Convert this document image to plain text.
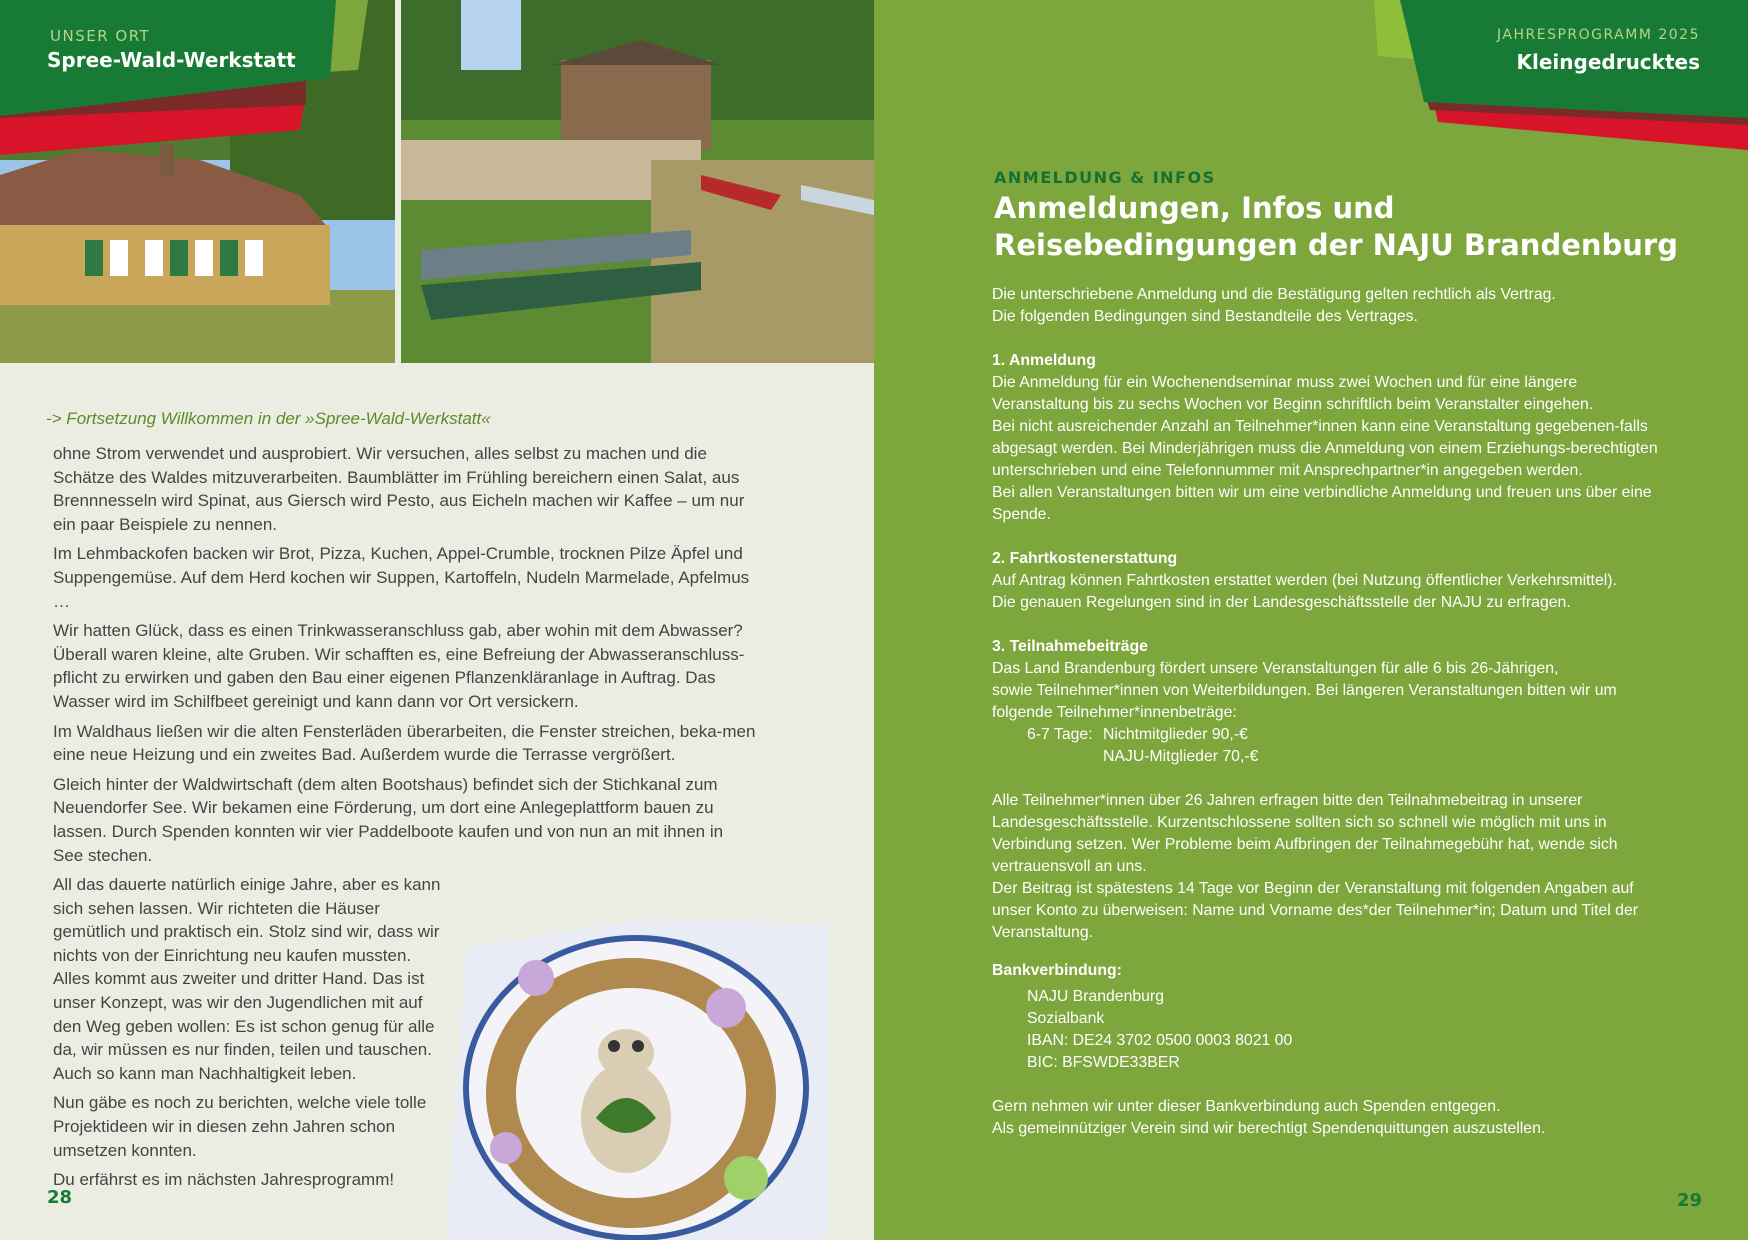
UNSER ORT
Spree-Wald-Werkstatt
-> Fortsetzung Willkommen in der »Spree-Wald-Werkstatt«

ohne Strom verwendet und ausprobiert. Wir versuchen, alles selbst zu machen und die Schätze des Waldes mitzuverarbeiten. Baumblätter im Frühling bereichern einen Salat, aus Brennnesseln wird Spinat, aus Giersch wird Pesto, aus Eicheln machen wir Kaffee – um nur ein paar Beispiele zu nennen.

Im Lehmbackofen backen wir Brot, Pizza, Kuchen, Appel-Crumble, trocknen Pilze Äpfel und Suppengemüse. Auf dem Herd kochen wir Suppen, Kartoffeln, Nudeln Marmelade, Apfelmus …

Wir hatten Glück, dass es einen Trinkwasseranschluss gab, aber wohin mit dem Abwasser? Überall waren kleine, alte Gruben. Wir schafften es, eine Befreiung der Abwasseranschluss-pflicht zu erwirken und gaben den Bau einer eigenen Pflanzenkläranlage in Auftrag. Das Wasser wird im Schilfbeet gereinigt und kann dann vor Ort versickern.

Im Waldhaus ließen wir die alten Fensterläden überarbeiten, die Fenster streichen, beka-men eine neue Heizung und ein zweites Bad. Außerdem wurde die Terrasse vergrößert.

Gleich hinter der Waldwirtschaft (dem alten Bootshaus) befindet sich der Stichkanal zum Neuendorfer See. Wir bekamen eine Förderung, um dort eine Anlegeplattform bauen zu lassen. Durch Spenden konnten wir vier Paddelboote kaufen und von nun an mit ihnen in See stechen.

All das dauerte natürlich einige Jahre, aber es kann sich sehen lassen. Wir richteten die Häuser gemütlich und praktisch ein. Stolz sind wir, dass wir nichts von der Einrichtung neu kaufen mussten. Alles kommt aus zweiter und dritter Hand. Das ist unser Konzept, was wir den Jugendlichen mit auf den Weg geben wollen: Es ist schon genug für alle da, wir müssen es nur finden, teilen und tauschen. Auch so kann man Nachhaltigkeit leben.

Nun gäbe es noch zu berichten, welche viele tolle Projektideen wir in diesen zehn Jahren schon umsetzen konnten.

Du erfährst es im nächsten Jahresprogramm!

28
JAHRESPROGRAMM 2025
Kleingedrucktes
ANMELDUNG & INFOS
Anmeldungen, Infos und Reisebedingungen der NAJU Brandenburg

Die unterschriebene Anmeldung und die Bestätigung gelten rechtlich als Vertrag.

Die folgenden Bedingungen sind Bestandteile des Vertrages.

1. Anmeldung

Die Anmeldung für ein Wochenendseminar muss zwei Wochen und für eine längere Veranstaltung bis zu sechs Wochen vor Beginn schriftlich beim Veranstalter eingehen.

Bei nicht ausreichender Anzahl an Teilnehmer*innen kann eine Veranstaltung gegebenen-falls abgesagt werden. Bei Minderjährigen muss die Anmeldung von einem Erziehungs-berechtigten unterschrieben und eine Telefonnummer mit Ansprechpartner*in angegeben werden.

Bei allen Veranstaltungen bitten wir um eine verbindliche Anmeldung und freuen uns über eine Spende.

2. Fahrtkostenerstattung

Auf Antrag können Fahrtkosten erstattet werden (bei Nutzung öffentlicher Verkehrsmittel).

Die genauen Regelungen sind in der Landesgeschäftsstelle der NAJU zu erfragen.

3. Teilnahmebeiträge

Das Land Brandenburg fördert unsere Veranstaltungen für alle 6 bis 26-Jährigen,

sowie Teilnehmer*innen von Weiterbildungen. Bei längeren Veranstaltungen bitten wir um folgende Teilnehmer*innenbeträge:

6-7 Tage: Nichtmitglieder 90,-€
NAJU-Mitglieder 70,-€

Alle Teilnehmer*innen über 26 Jahren erfragen bitte den Teilnahmebeitrag in unserer Landesgeschäftsstelle. Kurzentschlossene sollten sich so schnell wie möglich mit uns in Verbindung setzen. Wer Probleme beim Aufbringen der Teilnahmegebühr hat, wende sich vertrauensvoll an uns.

Der Beitrag ist spätestens 14 Tage vor Beginn der Veranstaltung mit folgenden Angaben auf unser Konto zu überweisen: Name und Vorname des*der Teilnehmer*in; Datum und Titel der Veranstaltung.

Bankverbindung:

NAJU Brandenburg

Sozialbank

IBAN: DE24 3702 0500 0003 8021 00

BIC: BFSWDE33BER

Gern nehmen wir unter dieser Bankverbindung auch Spenden entgegen.

Als gemeinnütziger Verein sind wir berechtigt Spendenquittungen auszustellen.

29
